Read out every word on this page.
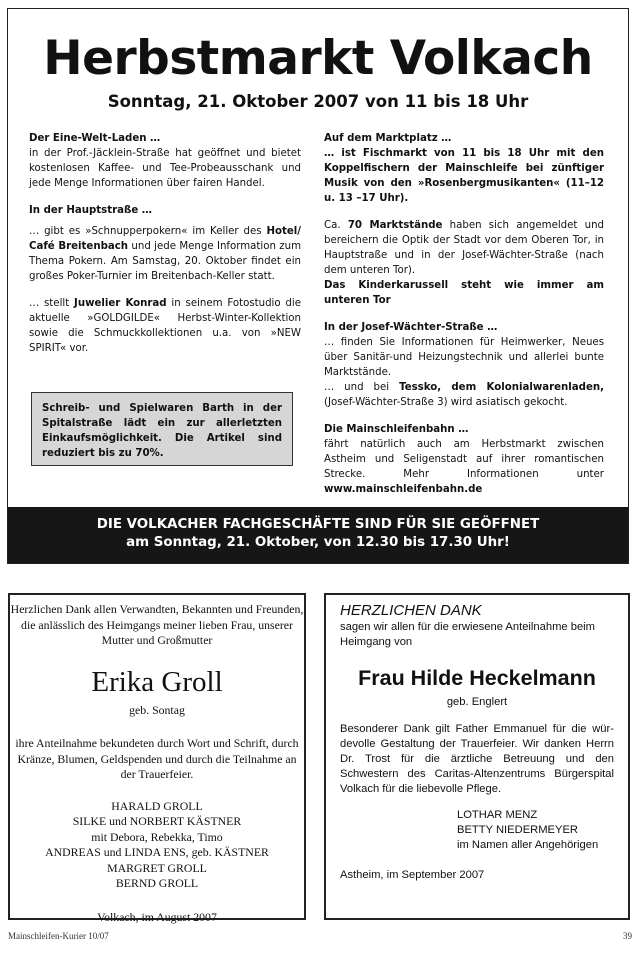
Herbstmarkt Volkach
Sonntag, 21. Oktober 2007 von 11 bis 18 Uhr

Der Eine-Welt-Laden …

in der Prof.-Jäcklein-Straße hat geöffnet und bietet kostenlosen Kaffee- und Tee-Probeausschank und jede Menge Informationen über fairen Handel.

In der Hauptstraße …

… gibt es »Schnupperpokern« im Keller des Hotel/ Café Breitenbach und jede Menge Information zum Thema Pokern. Am Samstag, 20. Oktober findet ein großes Poker-Turnier im Breitenbach-Keller statt.

… stellt Juwelier Konrad in seinem Fotostudio die aktuelle »GOLDGILDE« Herbst-Winter-Kollektion sowie die Schmuckkollektionen u.a. von »NEW SPIRIT« vor.

Schreib- und Spielwaren Barth in der Spitalstraße lädt ein zur allerletzten Einkaufsmöglichkeit. Die Artikel sind reduziert bis zu 70%.

Auf dem Marktplatz …

… ist Fischmarkt von 11 bis 18 Uhr mit den Koppelfischern der Mainschleife bei zünftiger Musik von den »Rosenbergmusikanten« (11–12 u. 13 –17 Uhr).

Ca. 70 Marktstände haben sich angemeldet und bereichern die Optik der Stadt vor dem Oberen Tor, in Hauptstraße und in der Josef-Wächter-Straße (nach dem unteren Tor).

Das Kinderkarussell steht wie immer am unteren Tor

In der Josef-Wächter-Straße …

… finden Sie Informationen für Heimwerker, Neues über Sanitär-und Heizungstechnik und allerlei bunte Marktstände.

… und bei Tessko, dem Kolonialwarenladen, (Josef-Wächter-Straße 3) wird asiatisch gekocht.

Die Mainschleifenbahn …

fährt natürlich auch am Herbstmarkt zwischen Astheim und Seligenstadt auf ihrer romantischen Strecke. Mehr Informationen unter www.mainschleifenbahn.de

DIE VOLKACHER FACHGESCHÄFTE SIND FÜR SIE GEÖFFNET
am Sonntag, 21. Oktober, von 12.30 bis 17.30 Uhr!
Herzlichen Dank allen Verwandten, Bekannten und Freunden, die anlässlich des Heimgangs meiner lieben Frau, unserer Mutter und Großmutter
Erika Groll
geb. Sontag
ihre Anteilnahme bekundeten durch Wort und Schrift, durch Kränze, Blumen, Geldspenden und durch die Teilnahme an der Trauerfeier.
HARALD GROLL
SILKE und NORBERT KÄSTNER
mit Debora, Rebekka, Timo
ANDREAS und LINDA ENS, geb. KÄSTNER
MARGRET GROLL
BERND GROLL
Volkach, im August 2007
HERZLICHEN DANK
sagen wir allen für die erwiesene Anteilnahme beim Heimgang von
Frau Hilde Heckelmann
geb. Englert
Besonderer Dank gilt Father Emmanuel für die würdevolle Gestaltung der Trauerfeier. Wir danken Herrn Dr. Trost für die ärztliche Betreuung und den Schwestern des Caritas-Altenzentrums Bürgerspital Volkach für die liebevolle Pflege.
LOTHAR MENZ
BETTY NIEDERMEYER
im Namen aller Angehörigen
Astheim, im September 2007
Mainschleifen-Kurier 10/07	39
